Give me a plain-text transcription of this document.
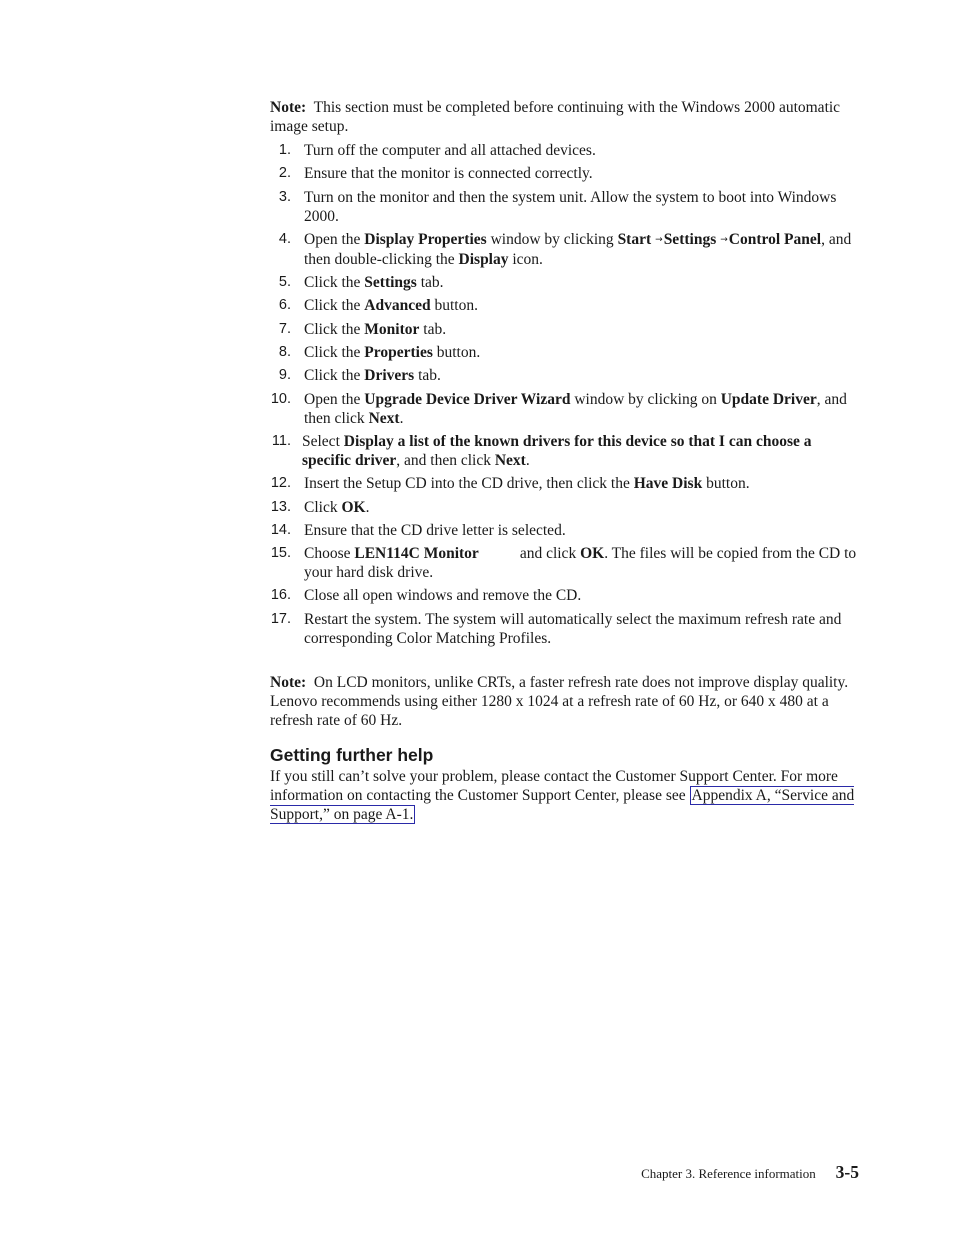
Note: This section must be completed before continuing with the Windows 2000 automatic image setup.

1. Turn off the computer and all attached devices.
2. Ensure that the monitor is connected correctly.
3. Turn on the monitor and then the system unit. Allow the system to boot into Windows 2000.
4. Open the Display Properties window by clicking Start →Settings →Control Panel, and then double-clicking the Display icon.
5. Click the Settings tab.
6. Click the Advanced button.
7. Click the Monitor tab.
8. Click the Properties button.
9. Click the Drivers tab.
10. Open the Upgrade Device Driver Wizard window by clicking on Update Driver, and then click Next.
11. Select Display a list of the known drivers for this device so that I can choose a specific driver, and then click Next.
12. Insert the Setup CD into the CD drive, then click the Have Disk button.
13. Click OK.
14. Ensure that the CD drive letter is selected.
15. Choose LEN114C Monitor	and click OK. The files will be copied from the CD to your hard disk drive.
16. Close all open windows and remove the CD.
17. Restart the system. The system will automatically select the maximum refresh rate and corresponding Color Matching Profiles.

Note: On LCD monitors, unlike CRTs, a faster refresh rate does not improve display quality. Lenovo recommends using either 1280 x 1024 at a refresh rate of 60 Hz, or 640 x 480 at a refresh rate of 60 Hz.

Getting further help

If you still can’t solve your problem, please contact the Customer Support Center. For more information on contacting the Customer Support Center, please see Appendix A, “Service and Support,” on page A-1.

Chapter 3. Reference information 3-5
